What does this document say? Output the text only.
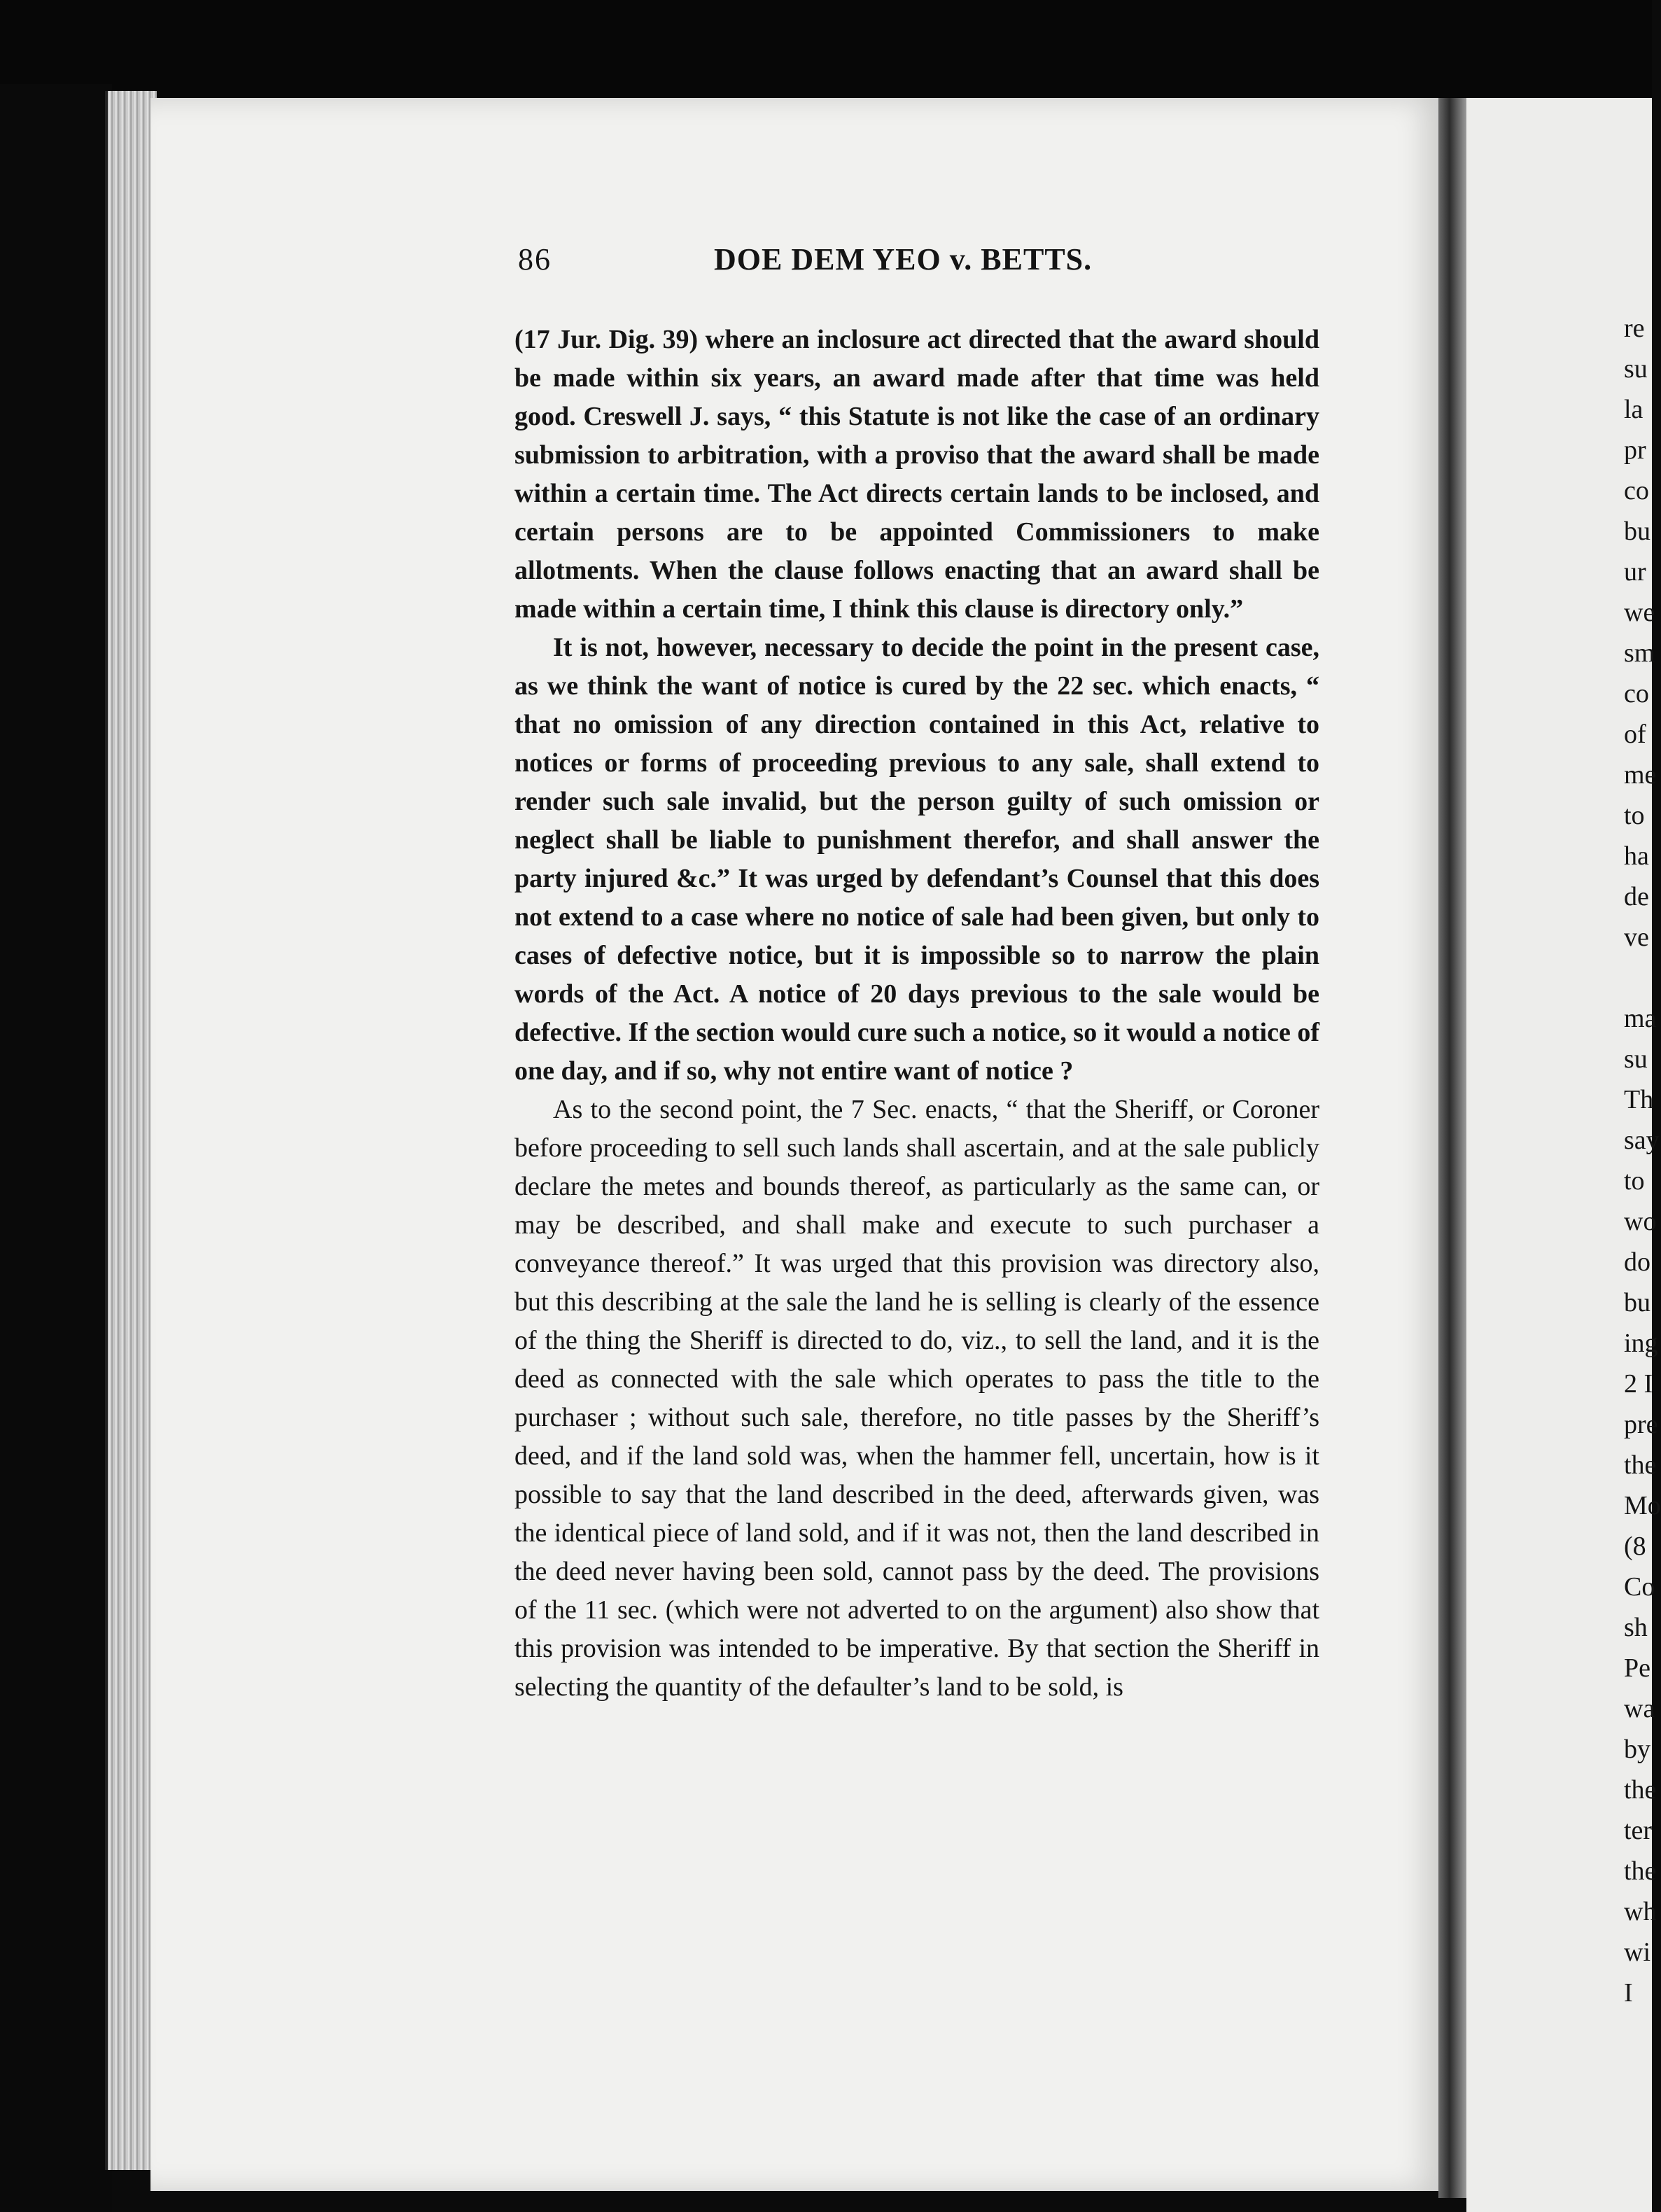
86	DOE DEM YEO v. BETTS.

(17 Jur. Dig. 39) where an inclosure act directed that the award should be made within six years, an award made after that time was held good. Creswell J. says, “ this Statute is not like the case of an ordinary submission to arbitration, with a proviso that the award shall be made within a certain time. The Act directs certain lands to be inclosed, and certain persons are to be appointed Commissioners to make allotments. When the clause follows enacting that an award shall be made within a certain time, I think this clause is directory only.”

It is not, however, necessary to decide the point in the present case, as we think the want of notice is cured by the 22 sec. which enacts, “ that no omission of any direction contained in this Act, relative to notices or forms of proceeding previous to any sale, shall extend to render such sale invalid, but the person guilty of such omission or neglect shall be liable to punishment therefor, and shall answer the party injured &c.” It was urged by defendant’s Counsel that this does not extend to a case where no notice of sale had been given, but only to cases of defective notice, but it is impossible so to narrow the plain words of the Act. A notice of 20 days previous to the sale would be defective. If the section would cure such a notice, so it would a notice of one day, and if so, why not entire want of notice ?

As to the second point, the 7 Sec. enacts, “ that the Sheriff, or Coroner before proceeding to sell such lands shall ascertain, and at the sale publicly declare the metes and bounds thereof, as particularly as the same can, or may be described, and shall make and execute to such purchaser a conveyance thereof.” It was urged that this provision was directory also, but this describing at the sale the land he is selling is clearly of the essence of the thing the Sheriff is directed to do, viz., to sell the land, and it is the deed as connected with the sale which operates to pass the title to the purchaser ; without such sale, therefore, no title passes by the Sheriff’s deed, and if the land sold was, when the hammer fell, uncertain, how is it possible to say that the land described in the deed, afterwards given, was the identical piece of land sold, and if it was not, then the land described in the deed never having been sold, cannot pass by the deed. The provisions of the 11 sec. (which were not adverted to on the argument) also show that this provision was intended to be imperative. By that section the Sheriff in selecting the quantity of the defaulter’s land to be sold, is

re
su
la
pr
co
bu
ur
we
sm
co
of
me
to
ha
de
ve
ma
su
Th
say
to
wo
do
bu
ing
2 I
pre
the
Mo
(8
Co
sh
Pe
wa
by
the
ter
the
wh
wi
I
